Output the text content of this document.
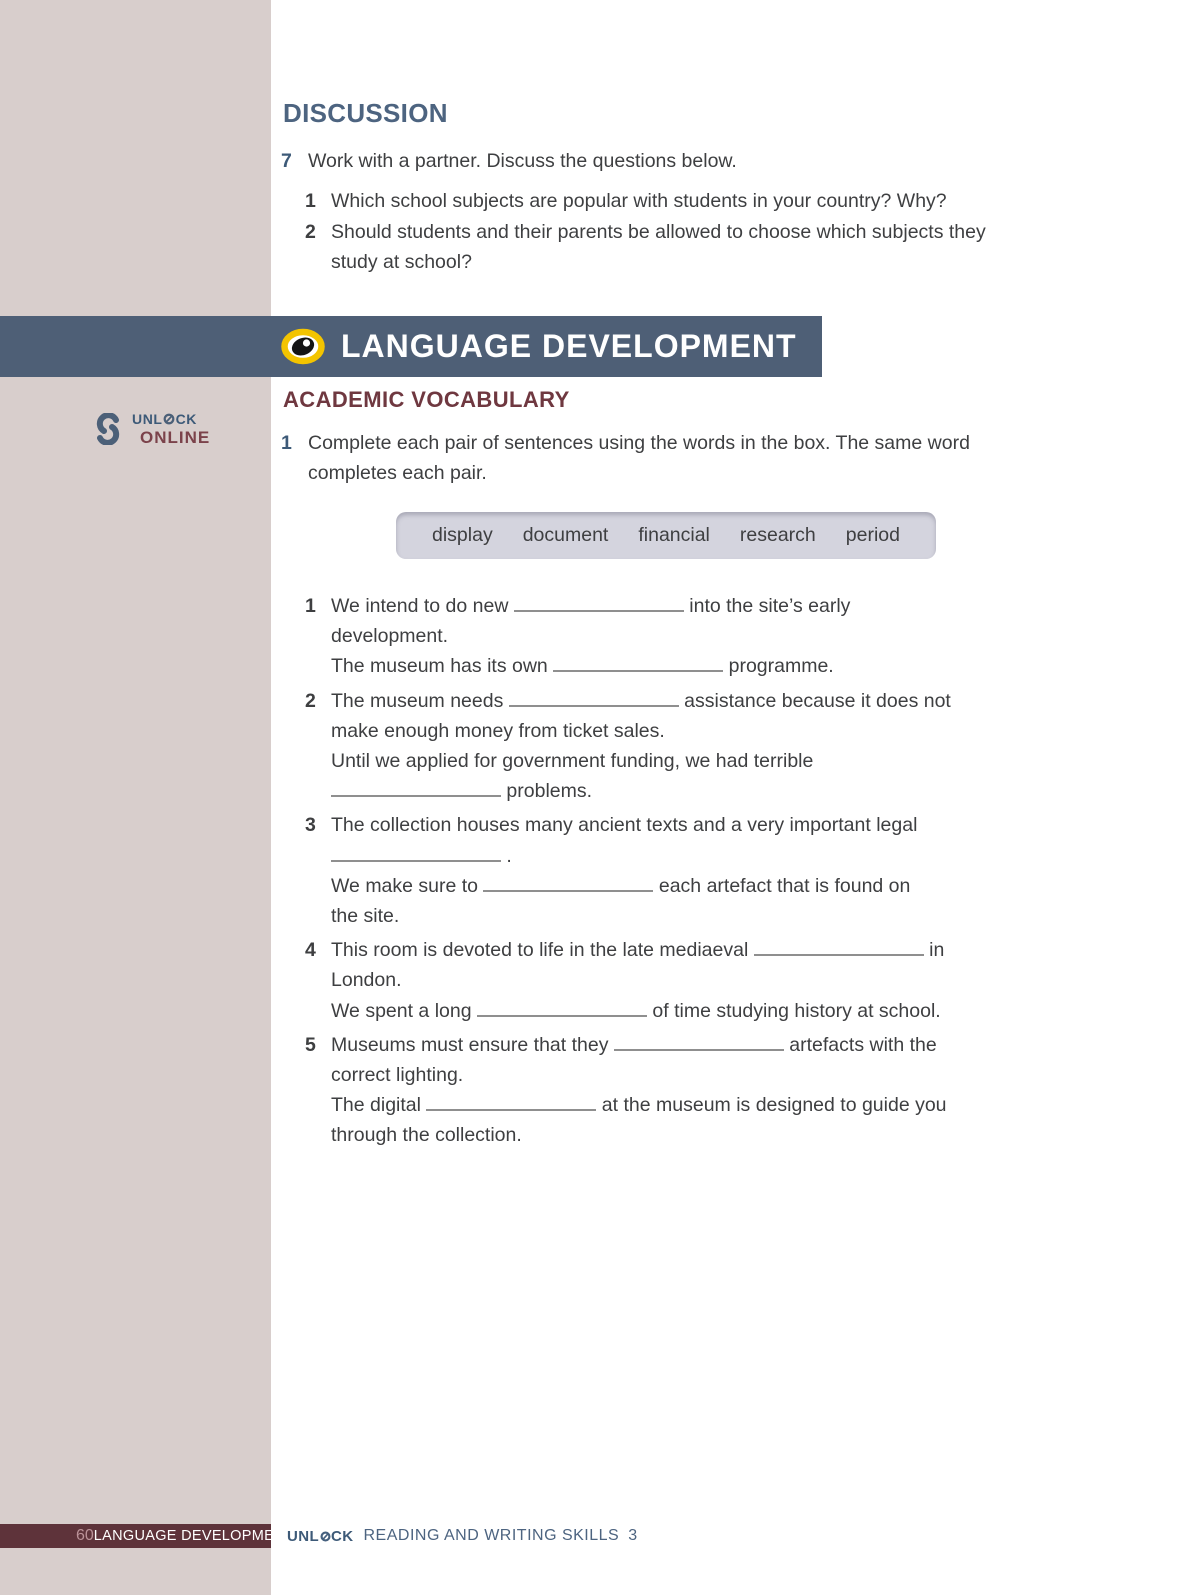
UNL CK
ONLINE
DISCUSSION
7 Work with a partner. Discuss the questions below.
1 Which school subjects are popular with students in your country? Why?
2 Should students and their parents be allowed to choose which subjects they study at school?
LANGUAGE DEVELOPMENT
ACADEMIC VOCABULARY
1 Complete each pair of sentences using the words in the box. The same word completes each pair.
display document financial research period
1 We intend to do new	into the site’s early
development.
The museum has its own	programme.
2 The museum needs	assistance because it does not
make enough money from ticket sales.
Until we applied for government funding, we had terrible
problems.
3 The collection houses many ancient texts and a very important legal
.
We make sure to	each artefact that is found on
the site.
4 This room is devoted to life in the late mediaeval	in
London.
We spent a long	of time studying history at school.
5 Museums must ensure that they	artefacts with the
correct lighting.
The digital	at the museum is designed to guide you
through the collection.
60 LANGUAGE DEVELOPMENT
UNL CK READING AND WRITING SKILLS 3
